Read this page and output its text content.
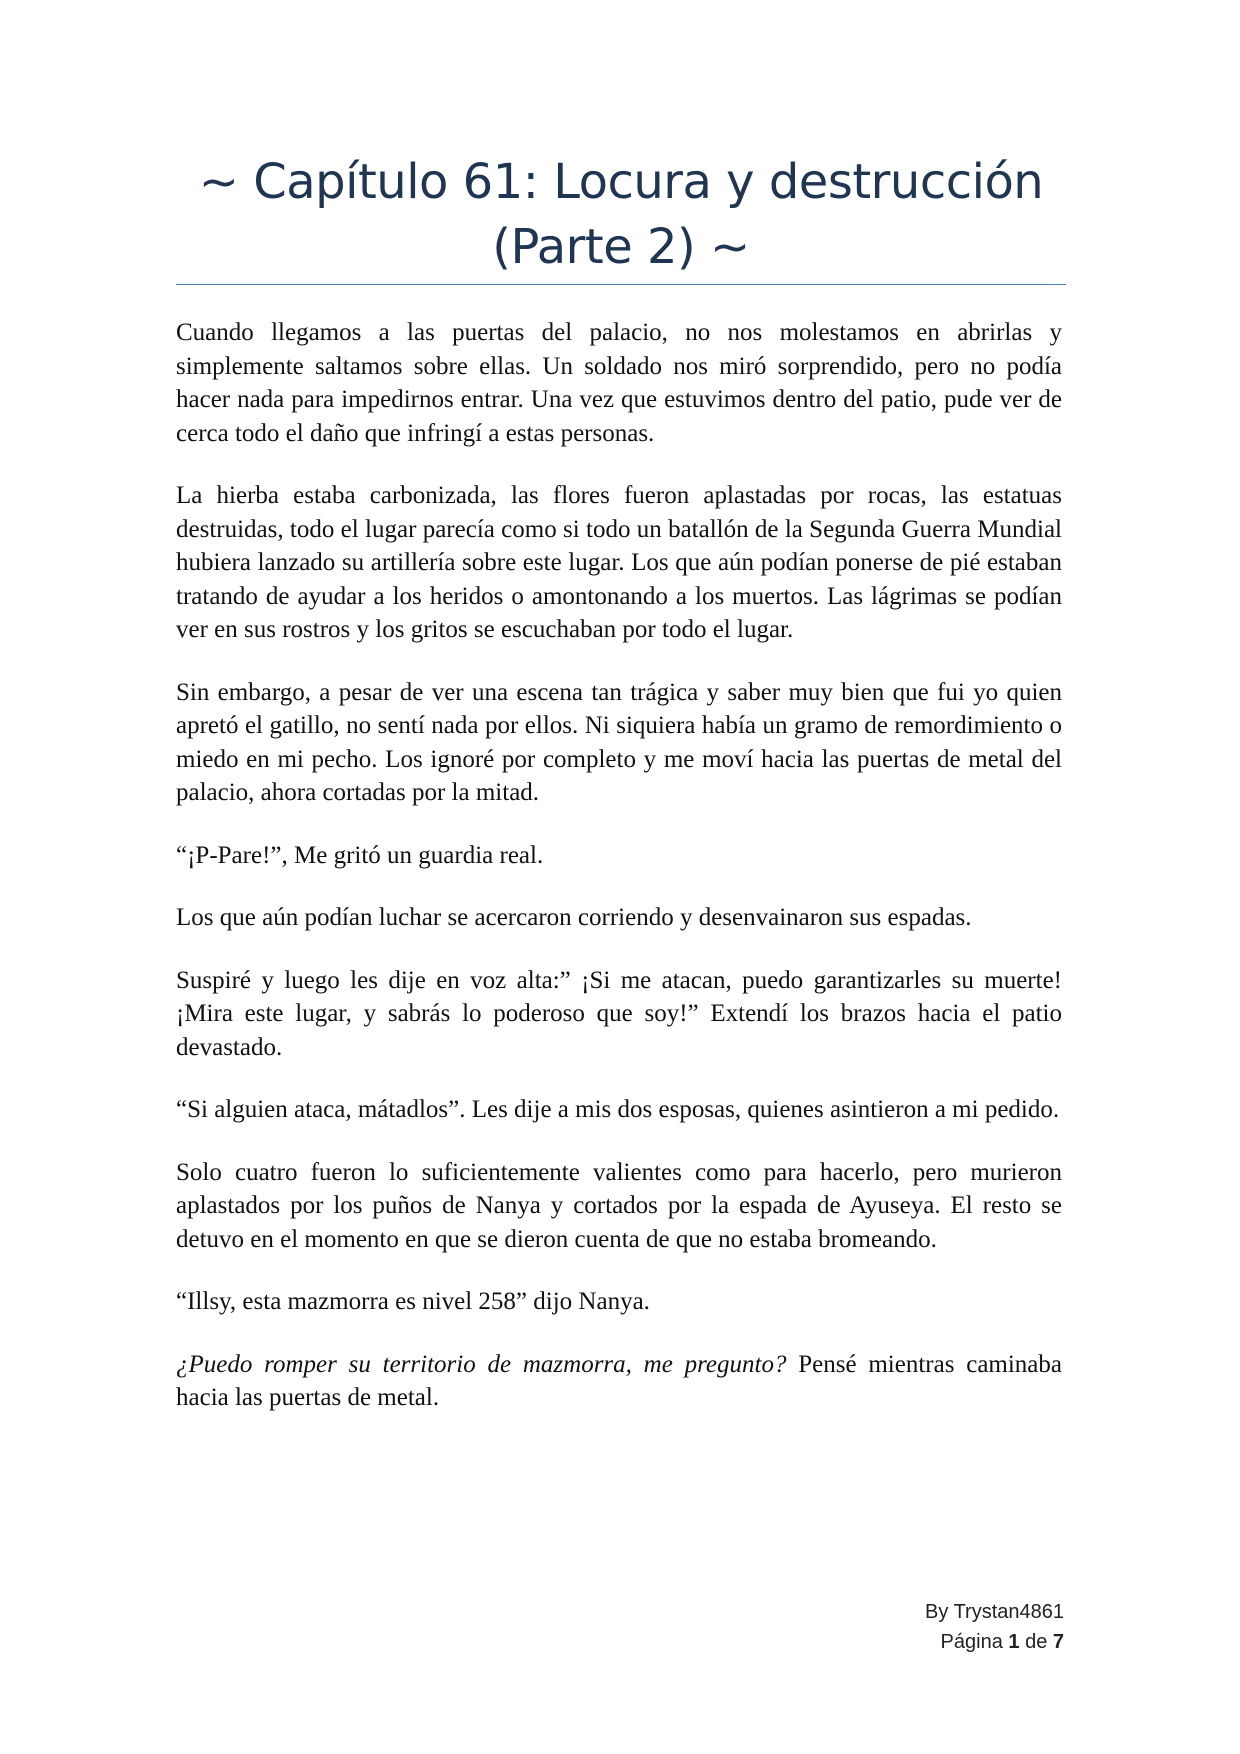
~ Capítulo 61: Locura y destrucción (Parte 2) ~

Cuando llegamos a las puertas del palacio, no nos molestamos en abrirlas y simplemente saltamos sobre ellas. Un soldado nos miró sorprendido, pero no podía hacer nada para impedirnos entrar. Una vez que estuvimos dentro del patio, pude ver de cerca todo el daño que infringí a estas personas.

La hierba estaba carbonizada, las flores fueron aplastadas por rocas, las estatuas destruidas, todo el lugar parecía como si todo un batallón de la Segunda Guerra Mundial hubiera lanzado su artillería sobre este lugar. Los que aún podían ponerse de pié estaban tratando de ayudar a los heridos o amontonando a los muertos. Las lágrimas se podían ver en sus rostros y los gritos se escuchaban por todo el lugar.

Sin embargo, a pesar de ver una escena tan trágica y saber muy bien que fui yo quien apretó el gatillo, no sentí nada por ellos. Ni siquiera había un gramo de remordimiento o miedo en mi pecho. Los ignoré por completo y me moví hacia las puertas de metal del palacio, ahora cortadas por la mitad.

“¡P-Pare!”, Me gritó un guardia real.

Los que aún podían luchar se acercaron corriendo y desenvainaron sus espadas.

Suspiré y luego les dije en voz alta:” ¡Si me atacan, puedo garantizarles su muerte! ¡Mira este lugar, y sabrás lo poderoso que soy!” Extendí los brazos hacia el patio devastado.

“Si alguien ataca, mátadlos”. Les dije a mis dos esposas, quienes asintieron a mi pedido.

Solo cuatro fueron lo suficientemente valientes como para hacerlo, pero murieron aplastados por los puños de Nanya y cortados por la espada de Ayuseya. El resto se detuvo en el momento en que se dieron cuenta de que no estaba bromeando.

“Illsy, esta mazmorra es nivel 258” dijo Nanya.

¿Puedo romper su territorio de mazmorra, me pregunto? Pensé mientras caminaba hacia las puertas de metal.

By Trystan4861
Página 1 de 7
